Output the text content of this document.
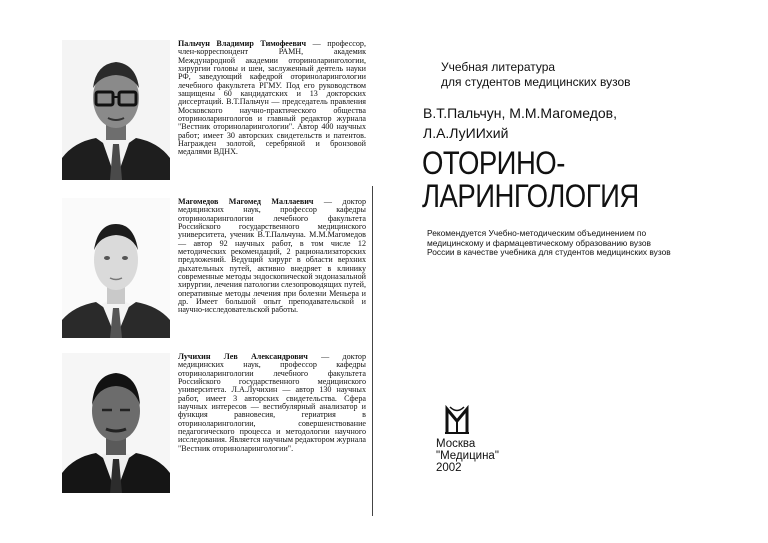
Пальчун Владимир Тимофеевич — профессор, член-корреспондент РАМН, академик Международной академии оториноларингологии, хирургии головы и шеи, заслуженный деятель науки РФ, заведующий кафедрой оториноларингологии лечебного факультета РГМУ. Под его руководством защищены 60 кандидатских и 13 докторских диссертаций. В.Т.Пальчун — председатель правления Московского научно-практического общества оториноларингологов и главный редактор журнала "Вестник оториноларингологии". Автор 400 научных работ; имеет 30 авторских свидетельств и патентов. Награжден золотой, серебряной и бронзовой медалями ВДНХ.
Магомедов Магомед Маллаевич — доктор медицинских наук, профессор кафедры оториноларингологии лечебного факультета Российского государственного медицинского университета, ученик В.Т.Пальчуна. М.М.Магомедов — автор 92 научных работ, в том числе 12 методических рекомендаций, 2 рационализаторских предложений. Ведущий хирург в области верхних дыхательных путей, активно внедряет в клинику современные методы эндоскопической эндоназальной хирургии, лечения патологии слезопроводящих путей, оперативные методы лечения при болезни Меньера и др. Имеет большой опыт преподавательской и научно-исследовательской работы.
Лучихин Лев Александрович — доктор медицинских наук, профессор кафедры оториноларингологии лечебного факультета Российского государственного медицинского университета. Л.А.Лучихин — автор 130 научных работ, имеет 3 авторских свидетельства. Сфера научных интересов — вестибулярный анализатор и функция равновесия, гериатрия в оториноларингологии, совершенствование педагогического процесса и методологии научного исследования. Является научным редактором журнала "Вестник оториноларингологии".
Учебная литература
для студентов медицинских вузов
В.Т.Пальчун, М.М.Магомедов,
Л.А.ЛуИИхий
ОТОРИНО-
ЛАРИНГОЛОГИЯ
Рекомендуется Учебно-методическим объединением по медицинскому и фармацевтическому образованию вузов России в качестве учебника для студентов медицинских вузов
Москва
"Медицина"
2002
